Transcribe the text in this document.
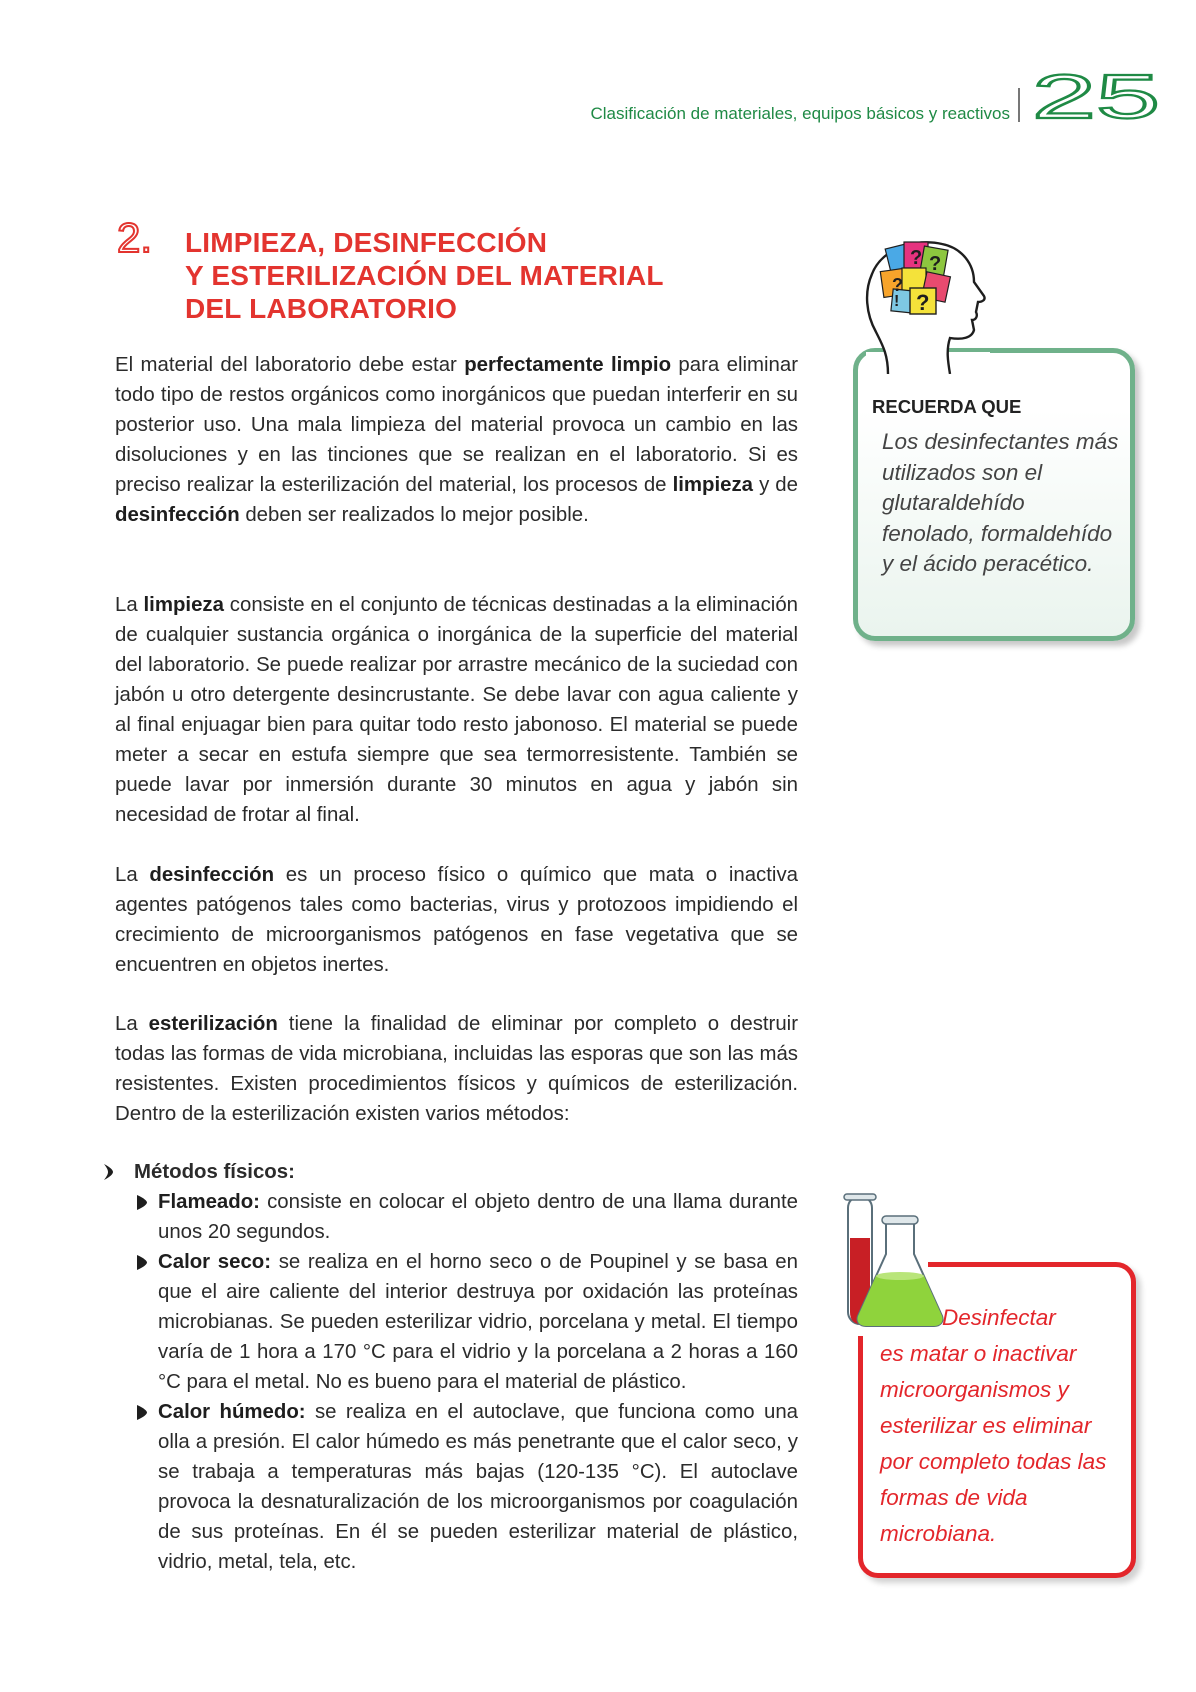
Clasificación de materiales, equipos básicos y reactivos 25
2. LIMPIEZA, DESINFECCIÓN
Y ESTERILIZACIÓN DEL MATERIAL
DEL LABORATORIO
El material del laboratorio debe estar perfectamente limpio para eliminar todo tipo de restos orgánicos como inorgánicos que puedan interferir en su posterior uso. Una mala limpieza del material provoca un cambio en las disoluciones y en las tinciones que se realizan en el laboratorio. Si es preciso realizar la esterilización del material, los procesos de limpieza y de desinfección deben ser realizados lo mejor posible.
La limpieza consiste en el conjunto de técnicas destinadas a la eliminación de cualquier sustancia orgánica o inorgánica de la superficie del material del laboratorio. Se puede realizar por arrastre mecánico de la suciedad con jabón u otro detergente desincrustante. Se debe lavar con agua caliente y al final enjuagar bien para quitar todo resto jabonoso. El material se puede meter a secar en estufa siempre que sea termorresistente. También se puede lavar por inmersión durante 30 minutos en agua y jabón sin necesidad de frotar al final.
La desinfección es un proceso físico o químico que mata o inactiva agentes patógenos tales como bacterias, virus y protozoos impidiendo el crecimiento de microorganismos patógenos en fase vegetativa que se encuentren en objetos inertes.
La esterilización tiene la finalidad de eliminar por completo o destruir todas las formas de vida microbiana, incluidas las esporas que son las más resistentes. Existen procedimientos físicos y químicos de esterilización. Dentro de la esterilización existen varios métodos:
Métodos físicos:
Flameado: consiste en colocar el objeto dentro de una llama durante unos 20 segundos.
Calor seco: se realiza en el horno seco o de Poupinel y se basa en que el aire caliente del interior destruya por oxidación las proteínas microbianas. Se pueden esterilizar vidrio, porcelana y metal. El tiempo varía de 1 hora a 170 °C para el vidrio y la porcelana a 2 horas a 160 °C para el metal. No es bueno para el material de plástico.
Calor húmedo: se realiza en el autoclave, que funciona como una olla a presión. El calor húmedo es más penetrante que el calor seco, y se trabaja a temperaturas más bajas (120-135 °C). El autoclave provoca la desnaturalización de los microorganismos por coagulación de sus proteínas. En él se pueden esterilizar material de plástico, vidrio, metal, tela, etc.
? ?
?
?
!
RECUERDA QUE
Los desinfectantes más utilizados son el glutaraldehído fenolado, formaldehído y el ácido peracético.
Desinfectar
es matar o inactivar microorganismos y esterilizar es eliminar por completo todas las formas de vida microbiana.
